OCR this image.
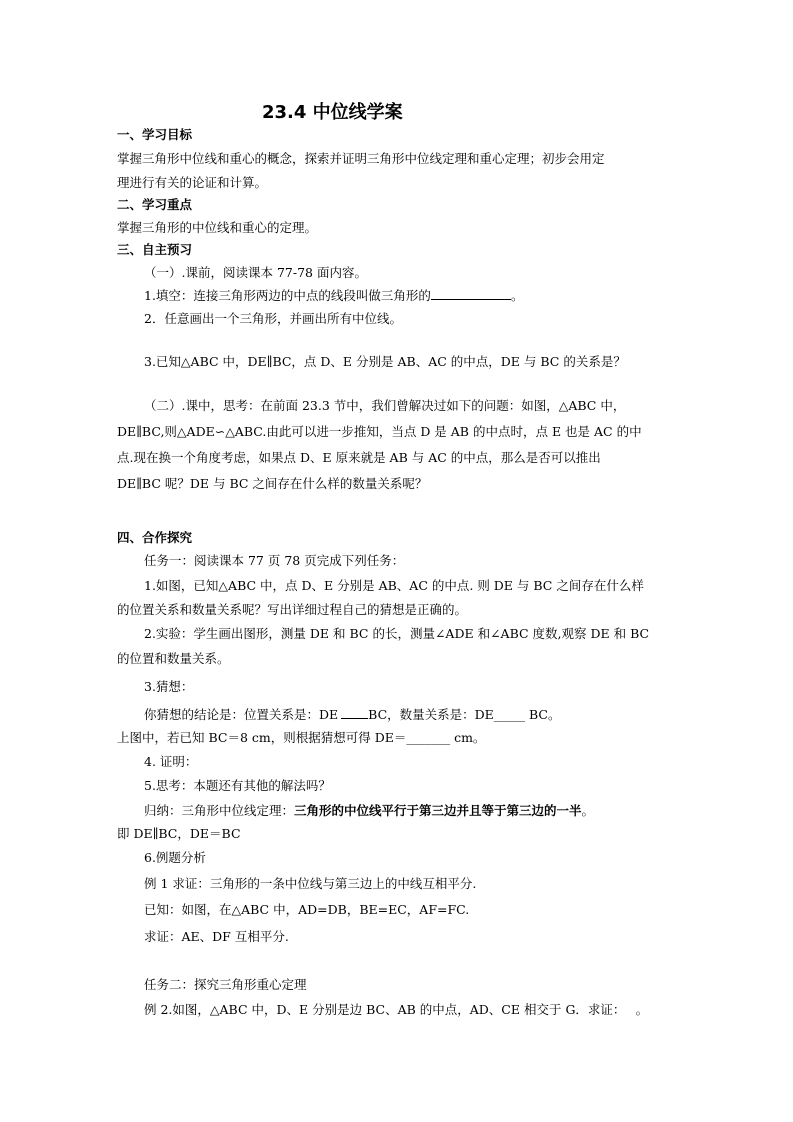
23.4 中位线学案
一、学习目标
掌握三角形中位线和重心的概念，探索并证明三角形中位线定理和重心定理；初步会用定
理进行有关的论证和计算。
二、学习重点
掌握三角形的中位线和重心的定理。
三、自主预习
（一）.课前，阅读课本 77-78 面内容。
1.填空：连接三角形两边的中点的线段叫做三角形的	。
2．任意画出一个三角形，并画出所有中位线。
3.已知△ABC 中，DE∥BC，点 D、E 分别是 AB、AC 的中点，DE 与 BC 的关系是？
（二）.课中，思考：在前面 23.3 节中，我们曾解决过如下的问题：如图，△ABC 中，
DE∥BC,则△ADE∽△ABC.由此可以进一步推知，当点 D 是 AB 的中点时，点 E 也是 AC 的中
点.现在换一个角度考虑，如果点 D、E 原来就是 AB 与 AC 的中点，那么是否可以推出
DE∥BC 呢？DE 与 BC 之间存在什么样的数量关系呢？
四、合作探究
任务一：阅读课本 77 页 78 页完成下列任务：
1.如图，已知△ABC 中，点 D、E 分别是 AB、AC 的中点. 则 DE 与 BC 之间存在什么样
的位置关系和数量关系呢？写出详细过程自己的猜想是正确的。
2.实验：学生画出图形，测量 DE 和 BC 的长，测量∠ADE 和∠ABC 度数,观察 DE 和 BC
的位置和数量关系。
3.猜想：
你猜想的结论是：位置关系是：DE BC，数量关系是：DE_____ BC。
上图中，若已知 BC＝8 cm，则根据猜想可得 DE＝_______ cm。
4. 证明：
5.思考：本题还有其他的解法吗？
归纳：三角形中位线定理：三角形的中位线平行于第三边并且等于第三边的一半。
即 DE∥BC，DE＝BC
6.例题分析
例 1 求证：三角形的一条中位线与第三边上的中线互相平分.
已知：如图，在△ABC 中，AD=DB，BE=EC，AF=FC.
求证：AE、DF 互相平分.
任务二：探究三角形重心定理
例 2.如图，△ABC 中，D、E 分别是边 BC、AB 的中点，AD、CE 相交于 G．求证：　 。
